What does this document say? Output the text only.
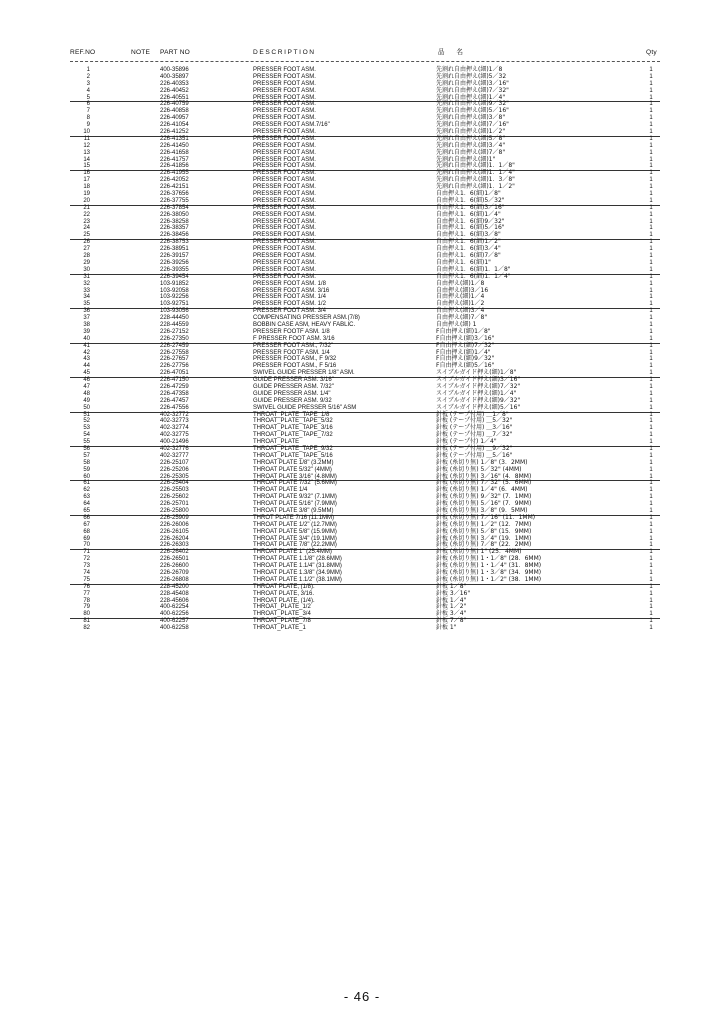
REF.NO	NOTE PART NO	DESCRIPTION	品 名	Qty
1	400-35896	PRESSER FOOT ASM.	先割れ自由押え(細)1／8	1
2	400-35897	PRESSER FOOT ASM.	先割れ自由押え(細)5／32	1
3	226-40353	PRESSER FOOT ASM.	先割れ自由押え(細)3／16"	1
4	226-40452	PRESSER FOOT ASM.	先割れ自由押え(細)7／32"	1
5	226-40551	PRESSER FOOT ASM.	先割れ自由押え(細)1／4"	1
6	226-40759	PRESSER FOOT ASM.	先割れ自由押え(細)9／32"	1
7	226-40858	PRESSER FOOT ASM.	先割れ自由押え(細)5／16"	1
8	226-40957	PRESSER FOOT ASM.	先割れ自由押え(細)3／8"	1
9	226-41054	PRESSER FOOT ASM.7/16"	先割れ自由押え(細)7／16"	1
10	226-41252	PRESSER FOOT ASM.	先割れ自由押え(細)1／2"	1
11	226-41351	PRESSER FOOT ASM.	先割れ自由押え(細)5／8"	1
12	226-41450	PRESSER FOOT ASM.	先割れ自由押え(細)3／4"	1
13	226-41658	PRESSER FOOT ASM.	先割れ自由押え(細)7／8"	1
14	226-41757	PRESSER FOOT ASM.	先割れ自由押え(細)1"	1
15	226-41856	PRESSER FOOT ASM.	先割れ自由押え(細)1．1／8"	1
16	226-41955	PRESSER FOOT ASM.	先割れ自由押え(細)1．1／4"	1
17	226-42052	PRESSER FOOT ASM.	先割れ自由押え(細)1．3／8"	1
18	226-42151	PRESSER FOOT ASM.	先割れ自由押え(細)1．1／2"	1
19	226-37656	PRESSER FOOT ASM.	自由押え1．6(細)1／8"	1
20	226-37755	PRESSER FOOT ASM.	自由押え1．6(細)5／32"	1
21	226-37854	PRESSER FOOT ASM.	自由押え1．6(細)3／16"	1
22	226-38050	PRESSER FOOT ASM.	自由押え1．6(細)1／4"	1
23	226-38258	PRESSER FOOT ASM.	自由押え1．6(細)9／32"	1
24	226-38357	PRESSER FOOT ASM.	自由押え1．6(細)5／16"	1
25	226-38456	PRESSER FOOT ASM.	自由押え1．6(細)3／8"	1
26	226-38753	PRESSER FOOT ASM.	自由押え1．6(細)1／2"	1
27	226-38951	PRESSER FOOT ASM.	自由押え1．6(細)3／4"	1
28	226-39157	PRESSER FOOT ASM.	自由押え1．6(細)7／8"	1
29	226-39256	PRESSER FOOT ASM.	自由押え1．6(細)1"	1
30	226-39355	PRESSER FOOT ASM.	自由押え1．6(細)1．1／8"	1
31	226-39454	PRESSER FOOT ASM.	自由押え1．6(細)1．1／4"	1
32	103-91852	PRESSER FOOT ASM. 1/8	自由押え(細)1／8	1
33	103-92058	PRESSER FOOT ASM. 3/16	自由押え(細)3／16	1
34	103-92256	PRESSER FOOT ASM. 1/4	自由押え(細)1／4	1
35	103-92751	PRESSER FOOT ASM. 1/2	自由押え(細)1／2	1
36	103-93056	PRESSER FOOT ASM. 3/4	自由押え(細)3／4	1
37	228-44450	COMPENSATING PRESSER ASM.(7/8)	自由押え(細)7／8"	1
38	228-44559	BOBBIN CASE ASM, HEAVY FABLIC.	自由押え(細) 1	1
39	226-27152	PRESSER FOOTF ASM. 1/8	F自由押え(細)1／8"	1
40	226-27350	F PRESSER FOOT ASM. 3/16	F自由押え(細)3／16"	1
41	226-27459	PRESSER FOOT ASM., 7/32"	F自由押え(細)7／32"	1
42	226-27558	PRESSER FOOTF ASM. 1/4	F自由押え(細)1／4"	1
43	226-27657	PRESSER FOOT ASM., F 9/32	F自由押え(細)9／32"	1
44	226-27756	PRESSER FOOT ASM., F 5/16	F自由押え(細)5／16"	1
45	226-47051	SWIVEL GUIDE PRESSER 1/8" ASM.	スイブルガイド押え(細)1／8"	1
46	226-47150	GUIDE PRESSER ASM. 3/16"	スイブルガイド押え(細)3／16"	1
47	226-47259	GUIDE PRESSER ASM. 7/32"	スイブルガイド押え(細)7／32"	1
48	226-47358	GUIDE PRESSER ASM. 1/4"	スイブルガイド押え(細)1／4"	1
49	226-47457	GUIDE PRESSER ASM. 9/32	スイブルガイド押え(細)9／32"	1
50	226-47556	SWIVEL GUIDE PRESSER 5/16" ASM	スイブルガイド押え(細)5／16"	1
51	402-32772	THROAT_PLATE_TAPE_1/8	針板 (テープ付用) ＿1／8"	1
52	402-32773	THROAT_PLATE_TAPE_5/32	針板 (テープ付用) ＿5／32"	1
53	402-32774	THROAT_PLATE_TAPE_3/16	針板 (テープ付用) ＿3／16"	1
54	402-32775	THROAT_PLATE_TAPE_7/32	針板 (テープ付用) ＿7／32"	1
55	400-21496	THROAT_PLATE	針板 (テープ付) 1／4"	1
56	402-32776	THROAT_PLATE_TAPE_9/32	針板 (テープ付用) ＿9／32"	1
57	402-32777	THROAT_PLATE_TAPE_5/16	針板 (テープ付用) ＿5／16"	1
58	226-25107	THROAT PLATE 1/8" (3.2MM)	針板 (糸切り無) 1／8" (3．2MM)	1
59	226-25206	THROAT PLATE 5/32" (4MM)	針板 (糸切り無) 5／32" (4MM)	1
60	226-25305	THROAT PLATE 3/16" (4.8MM)	針板 (糸切り無) 3／16" (4．8MM)	1
61	226-25404	THROAT PLATE 7/32" (5.6MM)	針板 (糸切り無) 7／32" (5．6MM)	1
62	226-25503	THROAT PLATE 1/4	針板 (糸切り無) 1／4" (6．4MM)	1
63	226-25602	THROAT PLATE 9/32" (7.1MM)	針板 (糸切り無) 9／32" (7．1MM)	1
64	226-25701	THROAT PLATE 5/16" (7.9MM)	針板 (糸切り無) 5／16" (7．9MM)	1
65	226-25800	THROAT PLATE 3/8" (9.5MM)	針板 (糸切り無) 3／8" (9．5MM)	1
66	226-25909	THROT PLATE 7/16 (11.1MM)	針板 (糸切り無) 7／16" (11．1MM)	1
67	226-26006	THROAT PLATE 1/2" (12.7MM)	針板 (糸切り無) 1／2" (12．7MM)	1
68	226-26105	THROAT PLATE 5/8" (15.9MM)	針板 (糸切り無) 5／8" (15．9MM)	1
69	226-26204	THROAT PLATE 3/4" (19.1MM)	針板 (糸切り無) 3／4" (19．1MM)	1
70	226-26303	THROAT PLATE 7/8" (22.2MM)	針板 (糸切り無) 7／8" (22．2MM)	1
71	226-26402	THROAT PLATE 1" (25.4MM)	針板 (糸切り無) 1" (25．4MM)	1
72	226-26501	THROAT PLATE 1.1/8" (28.6MM)	針板 (糸切り無) 1・1／8" (28．6MM)	1
73	226-26600	THROAT PLATE 1.1/4" (31.8MM)	針板 (糸切り無) 1・1／4" (31．8MM)	1
74	226-26709	THROAT PLATE 1.3/8" (34.9MM)	針板 (糸切り無) 1・3／8" (34．9MM)	1
75	226-26808	THROAT PLATE 1.1/2" (38.1MM)	針板 (糸切り無) 1・1／2" (38．1MM)	1
76	228-45200	THROAT PLATE, (1/8).	針板 1／8"	1
77	228-45408	THROAT PLATE, 3/16.	針板 3／16"	1
78	228-45606	THROAT PLATE, (1/4).	針板 1／4"	1
79	400-62254	THROAT_PLATE_1/2	針板 1／2"	1
80	400-62256	THROAT_PLATE_3/4	針板 3／4"	1
81	400-62257	THROAT_PLATE_7/8	針板 7／8"	1
82	400-62258	THROAT_PLATE_1	針板 1"	1
- 46 -
